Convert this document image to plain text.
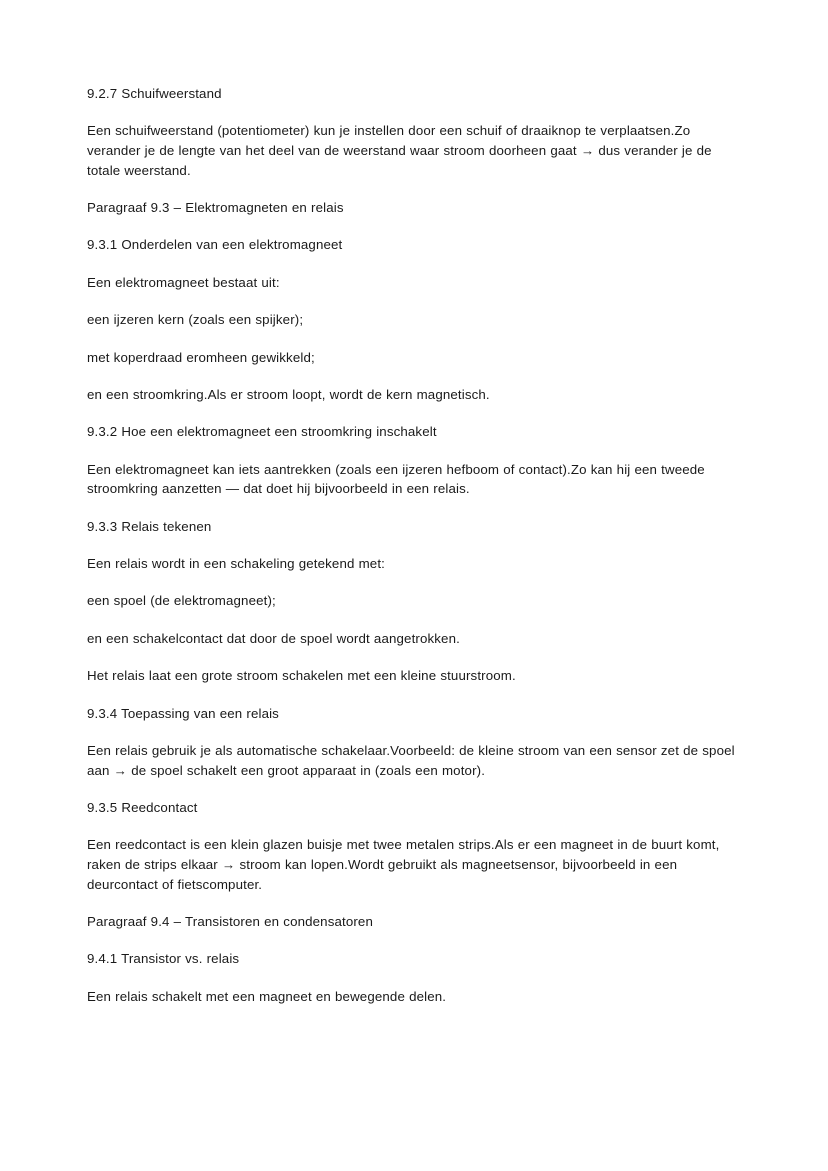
9.2.7 Schuifweerstand

Een schuifweerstand (potentiometer) kun je instellen door een schuif of draaiknop te verplaatsen.Zo verander je de lengte van het deel van de weerstand waar stroom doorheen gaat → dus verander je de totale weerstand.

Paragraaf 9.3 – Elektromagneten en relais

9.3.1 Onderdelen van een elektromagneet

Een elektromagneet bestaat uit:

een ijzeren kern (zoals een spijker);

met koperdraad eromheen gewikkeld;

en een stroomkring.Als er stroom loopt, wordt de kern magnetisch.

9.3.2 Hoe een elektromagneet een stroomkring inschakelt

Een elektromagneet kan iets aantrekken (zoals een ijzeren hefboom of contact).Zo kan hij een tweede stroomkring aanzetten — dat doet hij bijvoorbeeld in een relais.

9.3.3 Relais tekenen

Een relais wordt in een schakeling getekend met:

een spoel (de elektromagneet);

en een schakelcontact dat door de spoel wordt aangetrokken.

Het relais laat een grote stroom schakelen met een kleine stuurstroom.

9.3.4 Toepassing van een relais

Een relais gebruik je als automatische schakelaar.Voorbeeld: de kleine stroom van een sensor zet de spoel aan → de spoel schakelt een groot apparaat in (zoals een motor).

9.3.5 Reedcontact

Een reedcontact is een klein glazen buisje met twee metalen strips.Als er een magneet in de buurt komt, raken de strips elkaar → stroom kan lopen.Wordt gebruikt als magneetsensor, bijvoorbeeld in een deurcontact of fietscomputer.

Paragraaf 9.4 – Transistoren en condensatoren

9.4.1 Transistor vs. relais

Een relais schakelt met een magneet en bewegende delen.
